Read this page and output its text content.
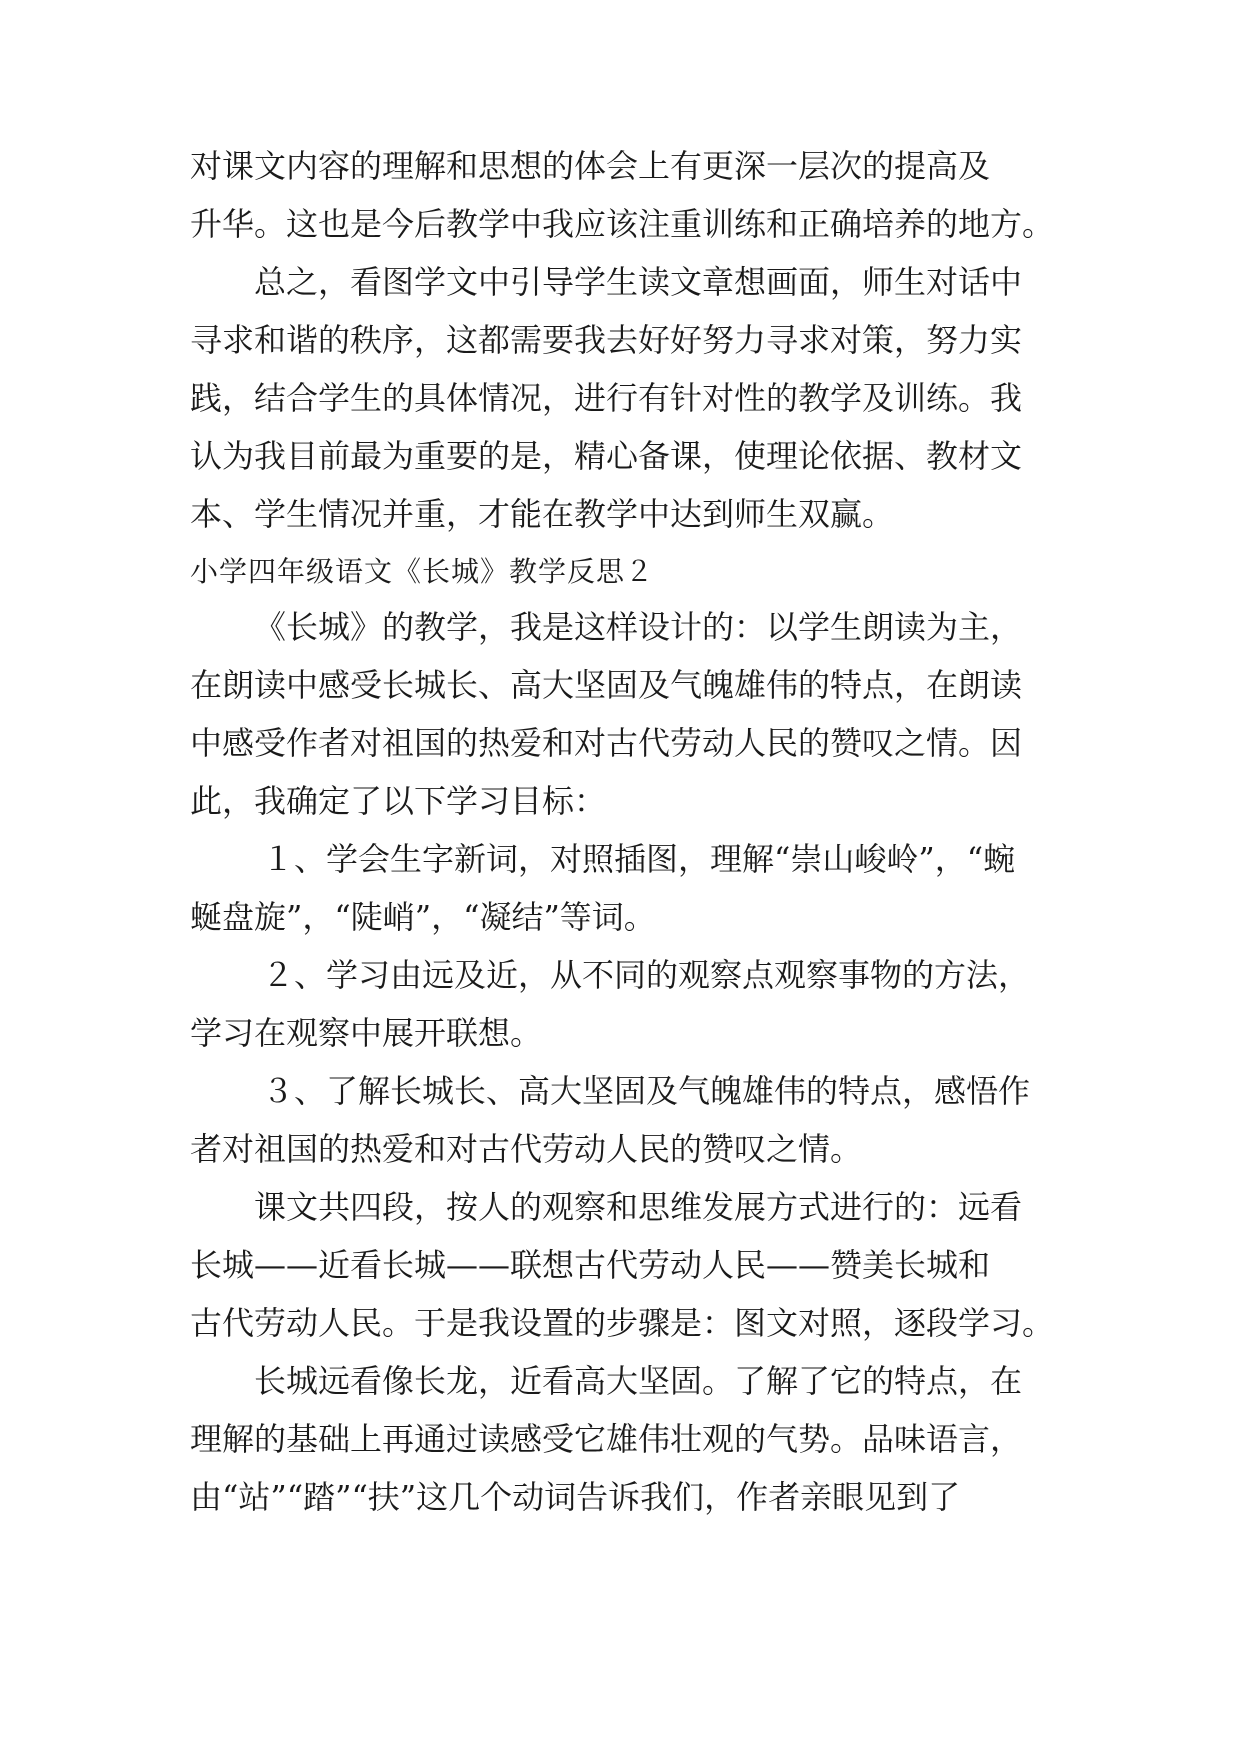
对课文内容的理解和思想的体会上有更深一层次的提高及
升华。这也是今后教学中我应该注重训练和正确培养的地方。
总之，看图学文中引导学生读文章想画面，师生对话中
寻求和谐的秩序，这都需要我去好好努力寻求对策，努力实
践，结合学生的具体情况，进行有针对性的教学及训练。我
认为我目前最为重要的是，精心备课，使理论依据、教材文
本、学生情况并重，才能在教学中达到师生双赢。
小学四年级语文《长城》教学反思２
《长城》的教学，我是这样设计的：以学生朗读为主，
在朗读中感受长城长、高大坚固及气魄雄伟的特点，在朗读
中感受作者对祖国的热爱和对古代劳动人民的赞叹之情。因
此，我确定了以下学习目标：
１、学会生字新词，对照插图，理解“崇山峻岭”，“蜿
蜒盘旋”，“陡峭”，“凝结”等词。
２、学习由远及近，从不同的观察点观察事物的方法，
学习在观察中展开联想。
３、了解长城长、高大坚固及气魄雄伟的特点，感悟作
者对祖国的热爱和对古代劳动人民的赞叹之情。
课文共四段，按人的观察和思维发展方式进行的：远看
长城——近看长城——联想古代劳动人民——赞美长城和
古代劳动人民。于是我设置的步骤是：图文对照，逐段学习。
长城远看像长龙，近看高大坚固。了解了它的特点，在
理解的基础上再通过读感受它雄伟壮观的气势。品味语言，
由“站”“踏”“扶”这几个动词告诉我们，作者亲眼见到了
